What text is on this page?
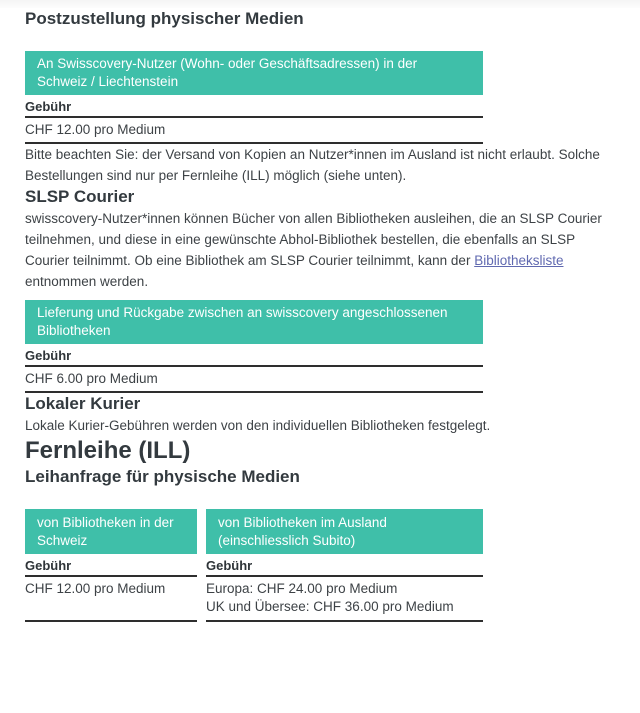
Postzustellung physischer Medien
An Swisscovery-Nutzer (Wohn- oder Geschäftsadressen) in der Schweiz / Liechtenstein
Gebühr
CHF 12.00 pro Medium

Bitte beachten Sie: der Versand von Kopien an Nutzer*innen im Ausland ist nicht erlaubt. Solche Bestellungen sind nur per Fernleihe (ILL) möglich (siehe unten).

SLSP Courier

swisscovery-Nutzer*innen können Bücher von allen Bibliotheken ausleihen, die an SLSP Courier teilnehmen, und diese in eine gewünschte Abhol-Bibliothek bestellen, die ebenfalls an SLSP Courier teilnimmt. Ob eine Bibliothek am SLSP Courier teilnimmt, kann der Bibliotheksliste entnommen werden.

Lieferung und Rückgabe zwischen an swisscovery angeschlossenen Bibliotheken
Gebühr
CHF 6.00 pro Medium
Lokaler Kurier

Lokale Kurier-Gebühren werden von den individuellen Bibliotheken festgelegt.

Fernleihe (ILL)
Leihanfrage für physische Medien
von Bibliotheken in der Schweiz
Gebühr
CHF 12.00 pro Medium
von Bibliotheken im Ausland (einschliesslich Subito)
Gebühr
Europa: CHF 24.00 pro Medium
UK und Übersee: CHF 36.00 pro Medium
